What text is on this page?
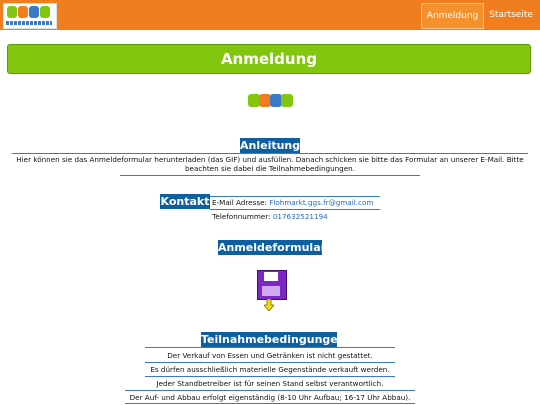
Anmeldung	Startseite
Anmeldung
Anleitung
Hier können sie das Anmeldeformular herunterladen (das GIF) und ausfüllen. Danach schicken sie bitte das Formular an unserer E-Mail. Bitte
beachten sie dabei die Teilnahmebedingungen.
Kontakt E-Mail Adresse: Flohmarkt.ggs.fr@gmail.com
Telefonnummer: 017632521194
Anmeldeformular
Teilnahmebedingungen
Der Verkauf von Essen und Getränken ist nicht gestattet.
Es dürfen ausschließlich materielle Gegenstände verkauft werden.
Jeder Standbetreiber ist für seinen Stand selbst verantwortlich.
Der Auf- und Abbau erfolgt eigenständig (8-10 Uhr Aufbau; 16-17 Uhr Abbau).
